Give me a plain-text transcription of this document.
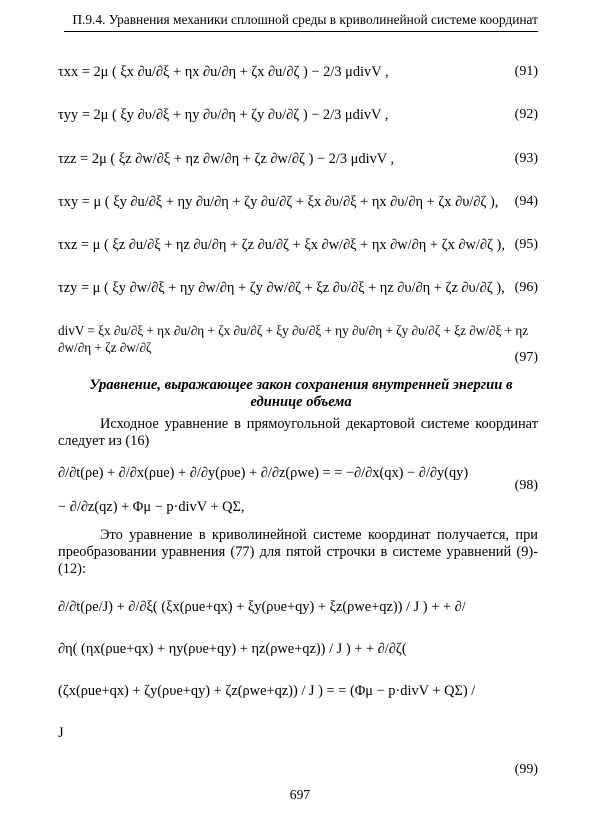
П.9.4. Уравнения механики сплошной среды в криволинейной системе координат
τxx = 2μ ( ξx ∂u/∂ξ + ηx ∂u/∂η + ζx ∂u/∂ζ ) − 2/3 μdivV ,	(91)
τyy = 2μ ( ξy ∂υ/∂ξ + ηy ∂υ/∂η + ζy ∂υ/∂ζ ) − 2/3 μdivV ,	(92)
τzz = 2μ ( ξz ∂w/∂ξ + ηz ∂w/∂η + ζz ∂w/∂ζ ) − 2/3 μdivV ,	(93)
τxy = μ ( ξy ∂u/∂ξ + ηy ∂u/∂η + ζy ∂u/∂ζ + ξx ∂υ/∂ξ + ηx ∂υ/∂η + ζx ∂υ/∂ζ ), (94)
τxz = μ ( ξz ∂u/∂ξ + ηz ∂u/∂η + ζz ∂u/∂ζ + ξx ∂w/∂ξ + ηx ∂w/∂η + ζx ∂w/∂ζ ), (95)
τzy = μ ( ξy ∂w/∂ξ + ηy ∂w/∂η + ζy ∂w/∂ζ + ξz ∂υ/∂ξ + ηz ∂υ/∂η + ζz ∂υ/∂ζ ), (96)
divV = ξx ∂u/∂ξ + ηx ∂u/∂η + ζx ∂u/∂ζ + ξy ∂υ/∂ξ + ηy ∂υ/∂η + ζy ∂υ/∂ζ + ξz ∂w/∂ξ + ηz ∂w/∂η + ζz ∂w/∂ζ
(97)
Уравнение, выражающее закон сохранения внутренней энергии в единице объема
Исходное уравнение в прямоугольной декартовой системе координат следует из (16)
∂/∂t(ρe) + ∂/∂x(ρue) + ∂/∂y(ρυe) + ∂/∂z(ρwe) = = −∂/∂x(qx) − ∂/∂y(qy) − ∂/∂z(qz) + Φμ − p·divV + QΣ,
(98)
Это уравнение в криволинейной системе координат получается, при преобразовании уравнения (77) для пятой строчки в системе уравнений (9)-(12):
∂/∂t(ρe/J) + ∂/∂ξ( (ξx(ρue+qx) + ξy(ρυe+qy) + ξz(ρwe+qz)) / J ) + + ∂/∂η( (ηx(ρue+qx) + ηy(ρυe+qy) + ηz(ρwe+qz)) / J ) + + ∂/∂ζ( (ζx(ρue+qx) + ζy(ρυe+qy) + ζz(ρwe+qz)) / J ) = = (Φμ − p·divV + QΣ) / J
(99)
697
